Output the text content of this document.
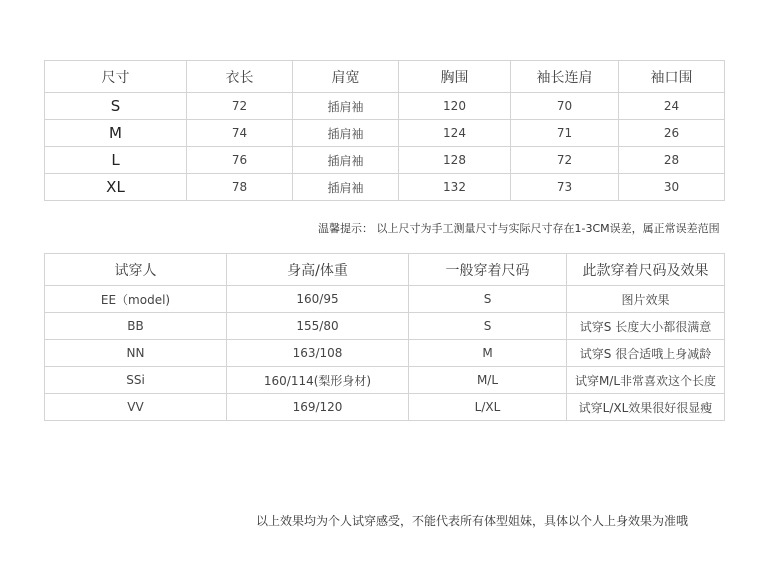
尺寸	衣长	肩宽	胸围	袖长连肩	袖口围
S	72	插肩袖	120	70	24
M	74	插肩袖	124	71	26
L	76	插肩袖	128	72	28
XL	78	插肩袖	132	73	30
温馨提示： 以上尺寸为手工测量尺寸与实际尺寸存在1-3CM误差，属正常误差范围
试穿人	身高/体重	一般穿着尺码	此款穿着尺码及效果
EE（model)	160/95	S	图片效果
BB	155/80	S	试穿S 长度大小都很满意
NN	163/108	M	试穿S 很合适哦上身减龄
SSi	160/114(梨形身材)	M/L	试穿M/L非常喜欢这个长度
VV	169/120	L/XL	试穿L/XL效果很好很显瘦
以上效果均为个人试穿感受，不能代表所有体型姐妹，具体以个人上身效果为准哦
